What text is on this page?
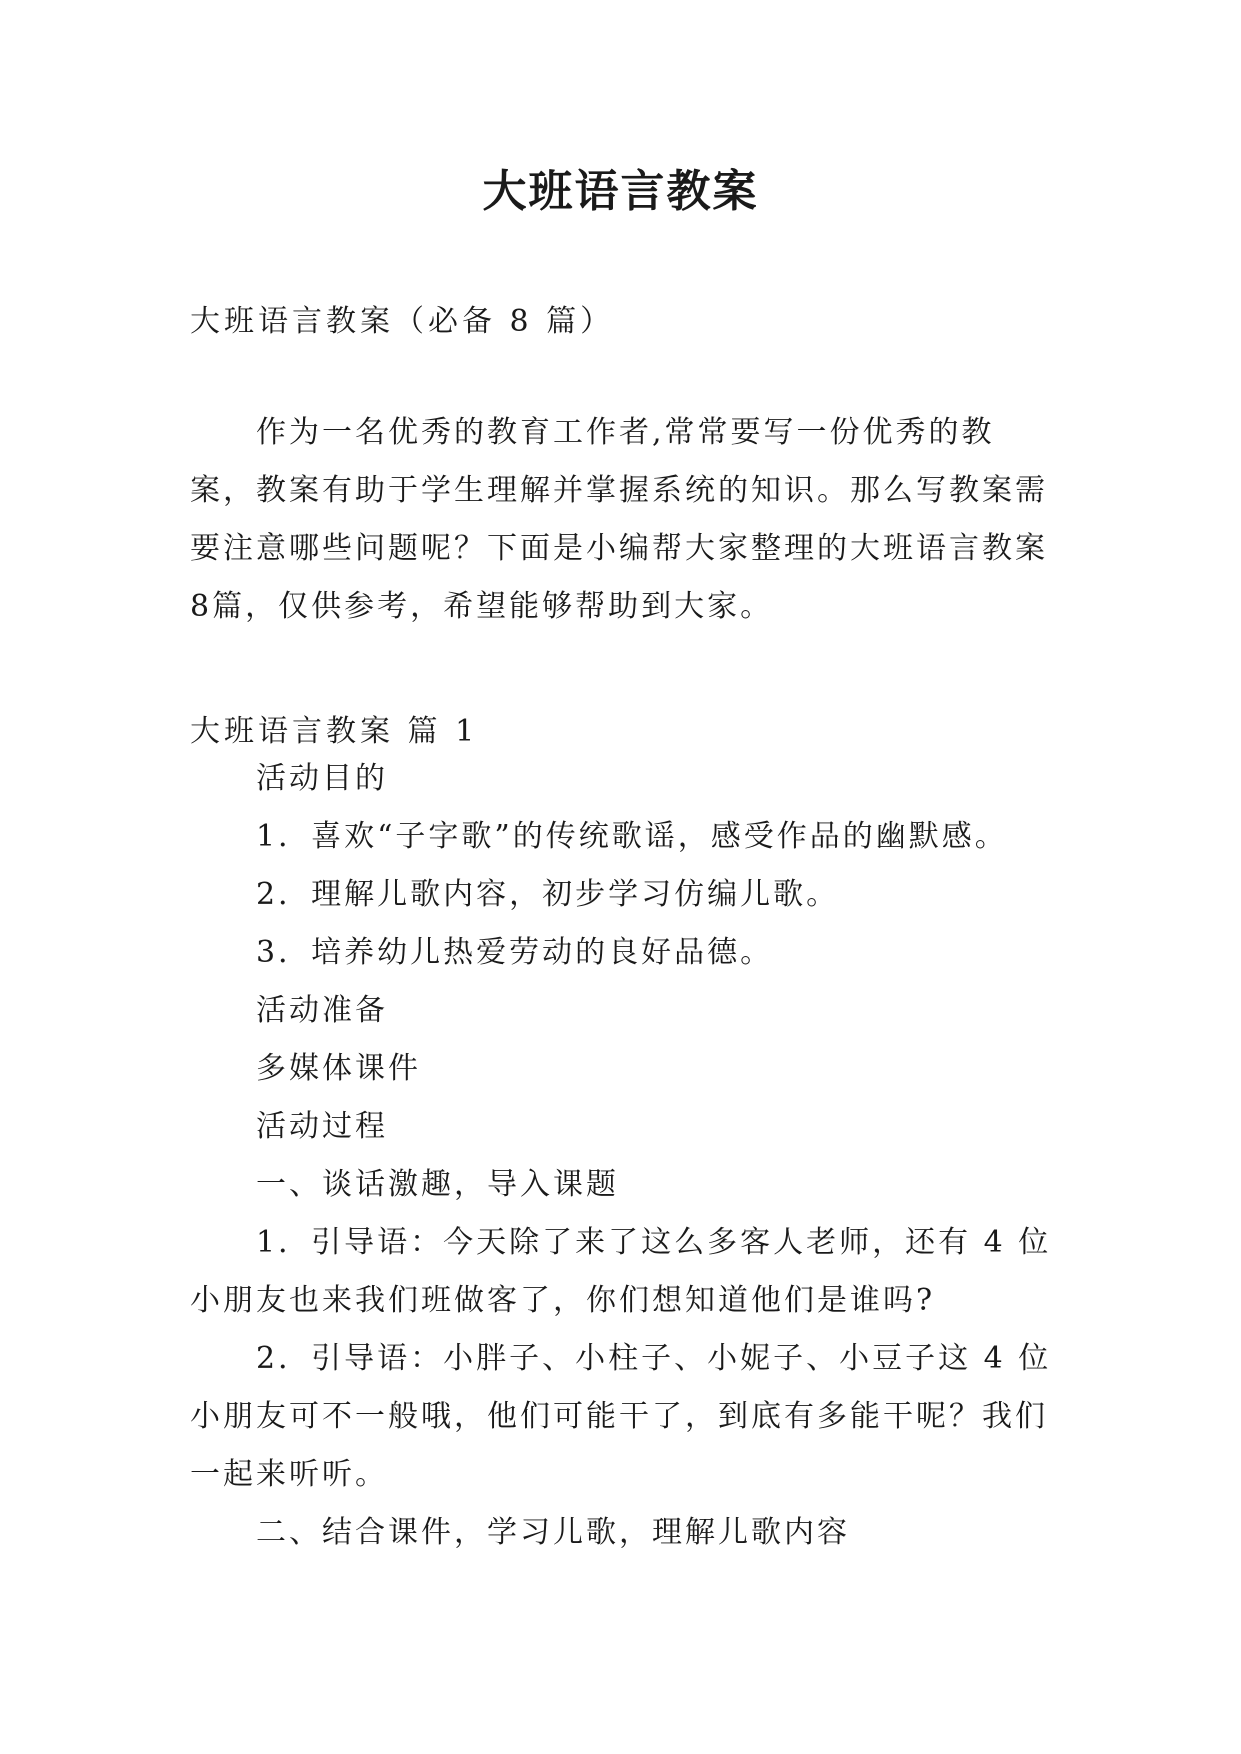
大班语言教案
大班语言教案（必备 8 篇）

作为一名优秀的教育工作者,常常要写一份优秀的教案，教案有助于学生理解并掌握系统的知识。那么写教案需要注意哪些问题呢？下面是小编帮大家整理的大班语言教案8篇，仅供参考，希望能够帮助到大家。

大班语言教案 篇 1
活动目的
1．喜欢“子字歌”的传统歌谣，感受作品的幽默感。
2．理解儿歌内容，初步学习仿编儿歌。
3．培养幼儿热爱劳动的良好品德。
活动准备
多媒体课件
活动过程
一、谈话激趣，导入课题

1．引导语：今天除了来了这么多客人老师，还有 4 位小朋友也来我们班做客了，你们想知道他们是谁吗?

2．引导语：小胖子、小柱子、小妮子、小豆子这 4 位小朋友可不一般哦，他们可能干了，到底有多能干呢？我们一起来听听。

二、结合课件，学习儿歌，理解儿歌内容
